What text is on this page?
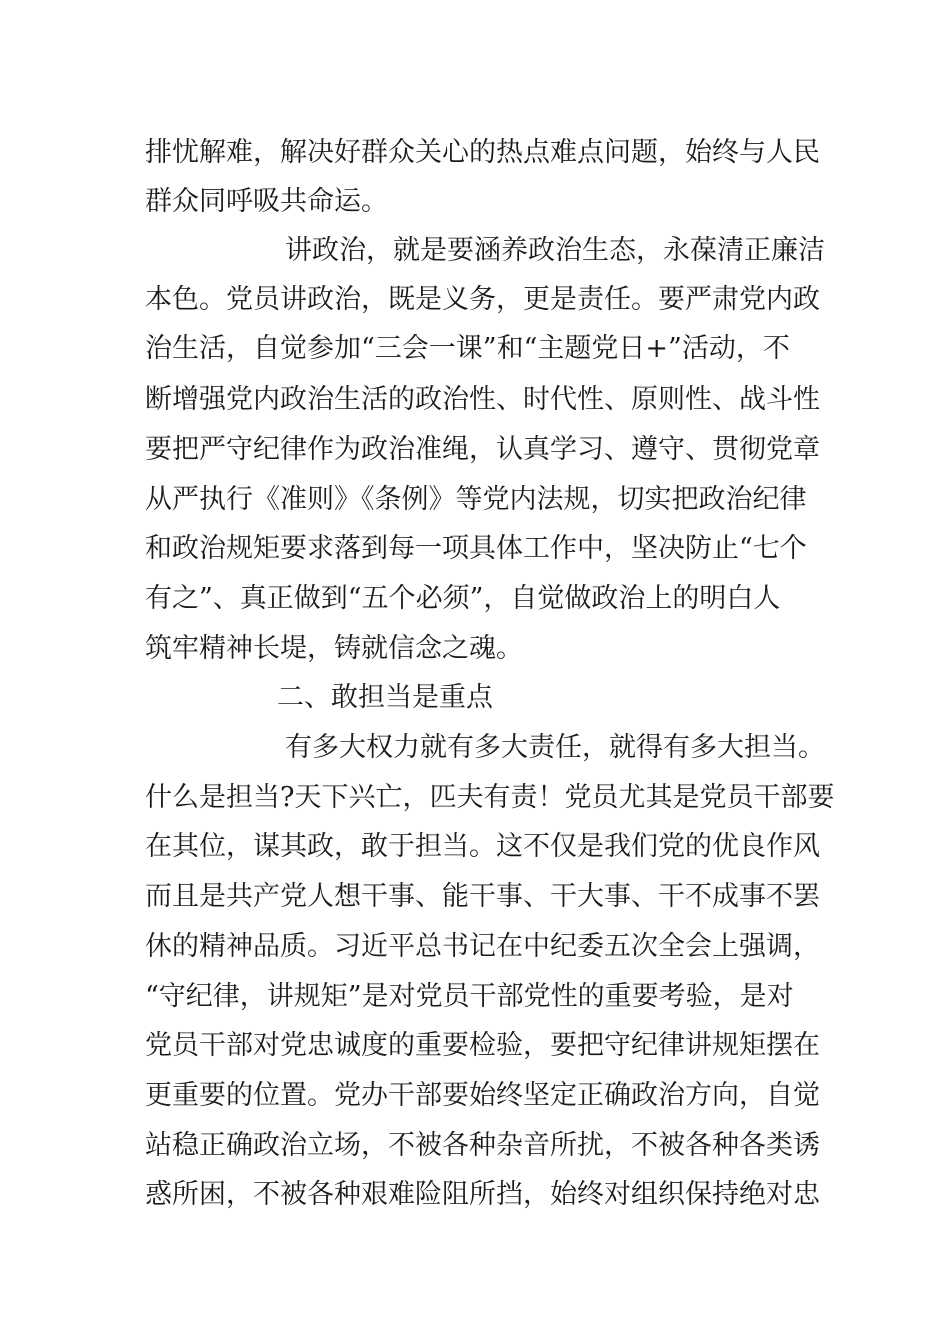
排忧解难，解决好群众关心的热点难点问题，始终与人民
群众同呼吸共命运。
讲政治，就是要涵养政治生态，永葆清正廉洁
本色。党员讲政治，既是义务，更是责任。要严肃党内政
治生活，自觉参加“三会一课”和“主题党日+”活动，不
断增强党内政治生活的政治性、时代性、原则性、战斗性
要把严守纪律作为政治准绳，认真学习、遵守、贯彻党章
从严执行《准则》《条例》等党内法规，切实把政治纪律
和政治规矩要求落到每一项具体工作中，坚决防止“七个
有之”、真正做到“五个必须”，自觉做政治上的明白人
筑牢精神长堤，铸就信念之魂。
二、敢担当是重点
有多大权力就有多大责任，就得有多大担当。
什么是担当?天下兴亡，匹夫有责！党员尤其是党员干部要
在其位，谋其政，敢于担当。这不仅是我们党的优良作风
而且是共产党人想干事、能干事、干大事、干不成事不罢
休的精神品质。习近平总书记在中纪委五次全会上强调，
“守纪律，讲规矩”是对党员干部党性的重要考验，是对
党员干部对党忠诚度的重要检验，要把守纪律讲规矩摆在
更重要的位置。党办干部要始终坚定正确政治方向，自觉
站稳正确政治立场，不被各种杂音所扰，不被各种各类诱
惑所困，不被各种艰难险阻所挡，始终对组织保持绝对忠
